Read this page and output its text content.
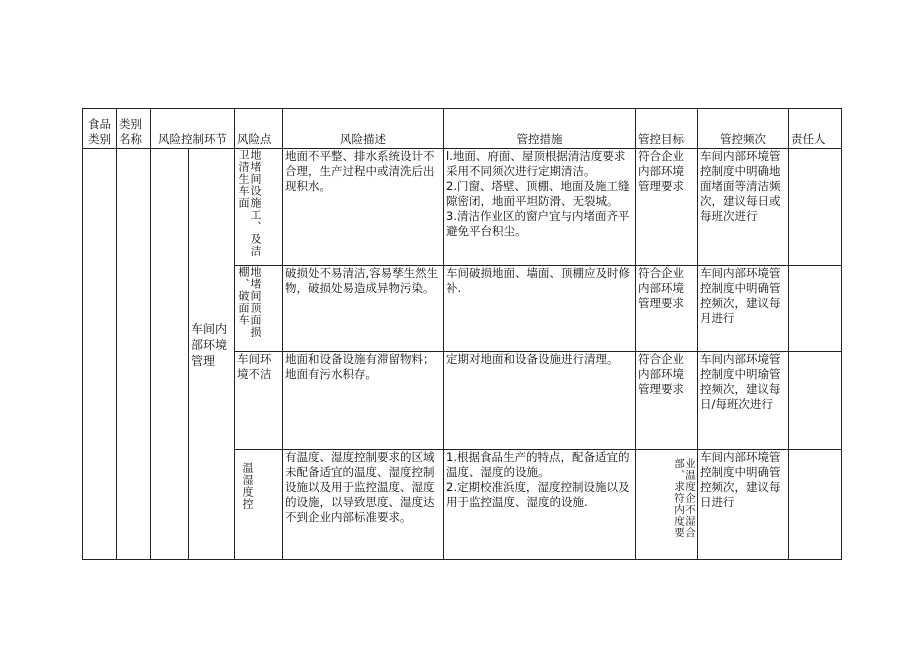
食品类别	类别名称	风险控制环节	风险点	风险描述	管控措施	管控目标	管控频次	责任人

		车间内部环境管理	地堵间设施工、及洁卫清生车面	地面不平整、排水系统设计不合理，生产过程中或清洗后出现积水。	l.地面、府面、屋顶根据清洁度要求采用不同须次进行定期清洁。
2.门窗、塔壁、顶棚、地面及施工缝隙密闭，地面平坦防滑、无裂城。
3.清洁作业区的窗户宜与内堵面齐平避免平台积尘。	符合企业内部环境管理要求	车间内部环境管控制度中明确地面堵面等清洁频次，建议每日或每班次进行	

			地堵间顶面损棚、破面车	破损处不易清洁,容易孳生然生物，破损处易造成异物污染。	车间破损地面、墙面、顶棚应及时修补.	符合企业内部环境管理要求	车间内部环境管控制度中明确管控频次，建议每月进行	

			车间环境不洁	地面和设备设施有滞留物料；地面有污水积存。	定期对地面和设备设施进行清理。	符合企业内部环境管理要求	车间内部环境管控制度中明瑜管控频次，建议每日/每班次进行	

			温湿度控	有温度、湿度控制要求的区域未配备适宜的温度、湿度控制设施以及用于监控温度、湿度的设施，以导致思度、湿度达不到企业内部标准要求。	1.根据食品生产的特点，配备适宜的温度、湿度的设施。
2.定期校准浜度，湿度控制设施以及用于监控温度、湿度的设施.	业温度企不湿合部、求符内度要	车间内部环境管控制度中明确管控频次，建议每日进行	
